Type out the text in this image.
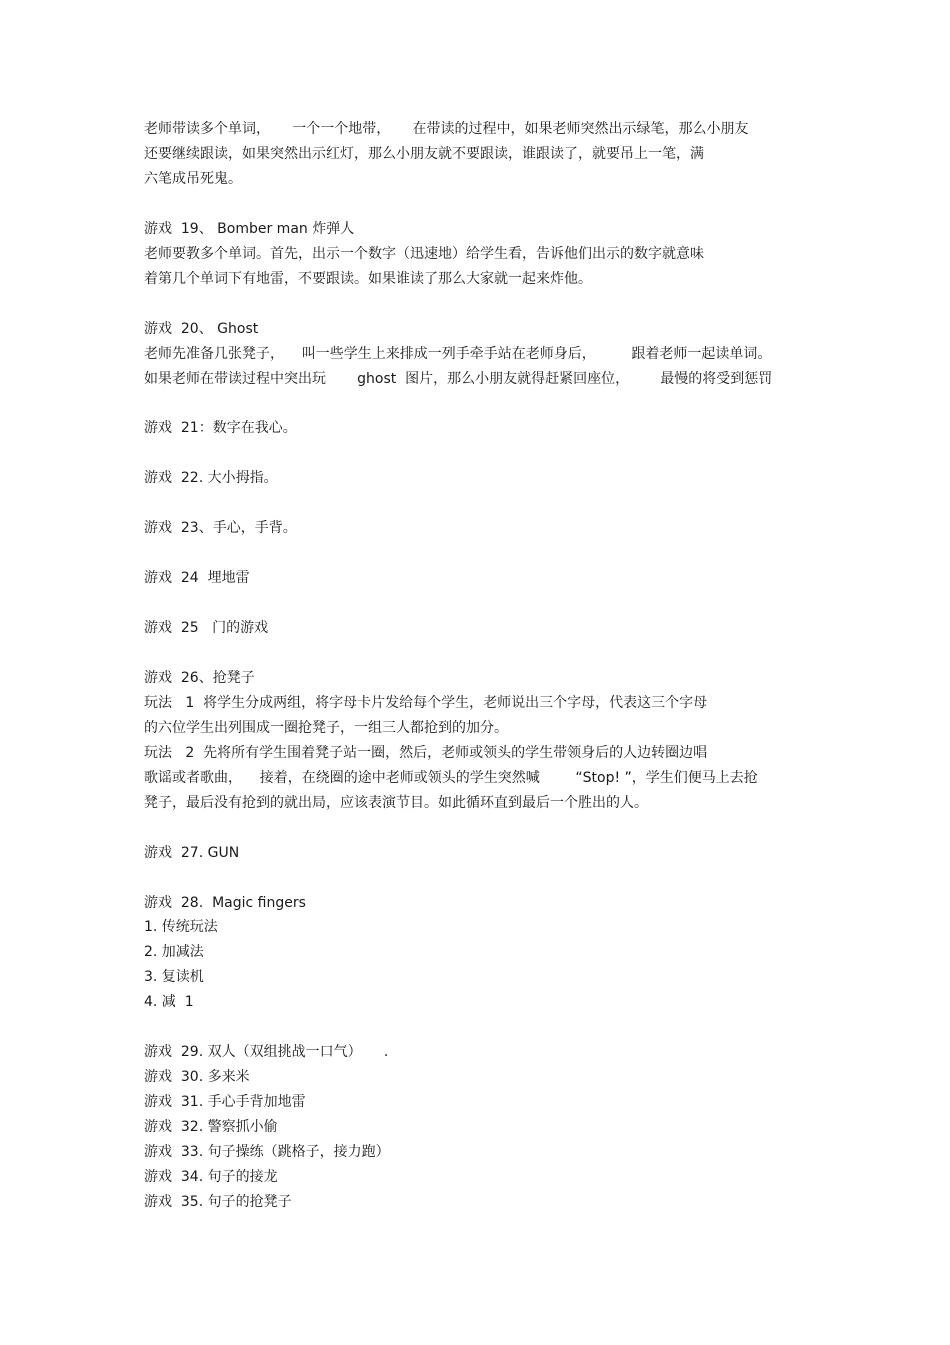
老师带读多个单词，     一个一个地带，     在带读的过程中，如果老师突然出示绿笔，那么小朋友
还要继续跟读，如果突然出示红灯，那么小朋友就不要跟读，谁跟读了，就要吊上一笔，满
六笔成吊死鬼。
游戏  19、 Bomber man 炸弹人
老师要教多个单词。首先，出示一个数字（迅速地）给学生看，告诉他们出示的数字就意味
着第几个单词下有地雷，不要跟读。如果谁读了那么大家就一起来炸他。
游戏  20、 Ghost
老师先准备几张凳子，    叫一些学生上来排成一列手牵手站在老师身后，        跟着老师一起读单词。
如果老师在带读过程中突出玩       ghost  图片，那么小朋友就得赶紧回座位，       最慢的将受到惩罚
游戏  21：数字在我心。
游戏  22. 大小拇指。
游戏  23、手心，手背。
游戏  24  埋地雷
游戏  25   门的游戏
游戏  26、抢凳子
玩法   1  将学生分成两组，将字母卡片发给每个学生，老师说出三个字母，代表这三个字母
的六位学生出列围成一圈抢凳子，一组三人都抢到的加分。
玩法   2  先将所有学生围着凳子站一圈，然后，老师或领头的学生带领身后的人边转圈边唱
歌谣或者歌曲，    接着，在绕圈的途中老师或领头的学生突然喊        “Stop! ”，学生们便马上去抢
凳子，最后没有抢到的就出局，应该表演节目。如此循环直到最后一个胜出的人。
游戏  27. GUN
游戏  28.  Magic fingers
1. 传统玩法
2. 加减法
3. 复读机
4. 减  1
游戏  29. 双人（双组挑战一口气）     .
游戏  30. 多来米
游戏  31. 手心手背加地雷
游戏  32. 警察抓小偷
游戏  33. 句子操练（跳格子，接力跑）
游戏  34. 句子的接龙
游戏  35. 句子的抢凳子
